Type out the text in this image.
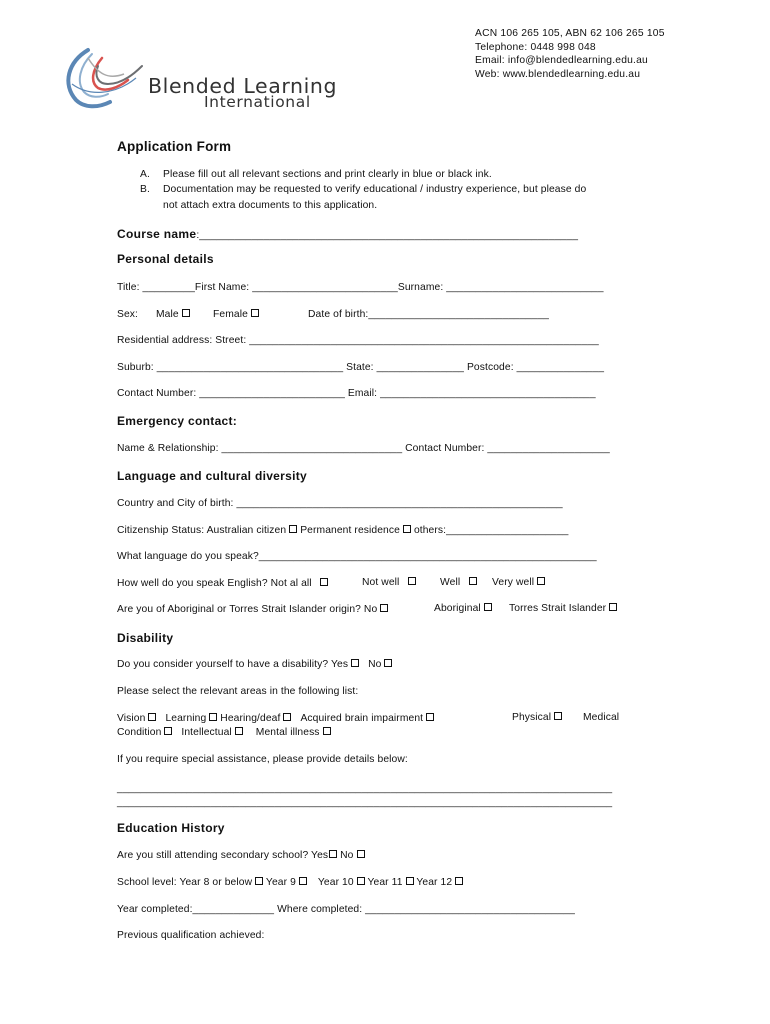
Blended Learning
International
ACN 106 265 105, ABN 62 106 265 105
Telephone: 0448 998 048
Email: info@blendedlearning.edu.au
Web: www.blendedlearning.edu.au
Application Form
A. Please fill out all relevant sections and print clearly in blue or black ink.
B. Documentation may be requested to verify educational / industry experience, but please do
not attach extra documents to this application.
Course name:_________________________________________________________________
Personal details
Title: _________First Name: _________________________Surname: ___________________________
Sex: Male	Female	Date of birth:_______________________________
Residential address: Street: ____________________________________________________________
Suburb: ________________________________ State: _______________ Postcode: _______________
Contact Number: _________________________ Email: _____________________________________
Emergency contact:
Name & Relationship: _______________________________ Contact Number: _____________________
Language and cultural diversity
Country and City of birth: ________________________________________________________
Citizenship Status: Australian citizen Permanent residence others:_____________________
What language do you speak?__________________________________________________________
How well do you speak English? Not al all	Not well	Well	Very well
Are you of Aboriginal or Torres Strait Islander origin? No	Aboriginal	Torres Strait Islander
Disability
Do you consider yourself to have a disability? Yes No
Please select the relevant areas in the following list:
Vision Learning Hearing/deaf Acquired brain impairment	Physical	Medical
Condition Intellectual Mental illness
If you require special assistance, please provide details below:
_____________________________________________________________________________________
_____________________________________________________________________________________
Education History
Are you still attending secondary school? Yes No
School level: Year 8 or below Year 9 Year 10 Year 11 Year 12
Year completed:______________ Where completed: ____________________________________
Previous qualification achieved:
